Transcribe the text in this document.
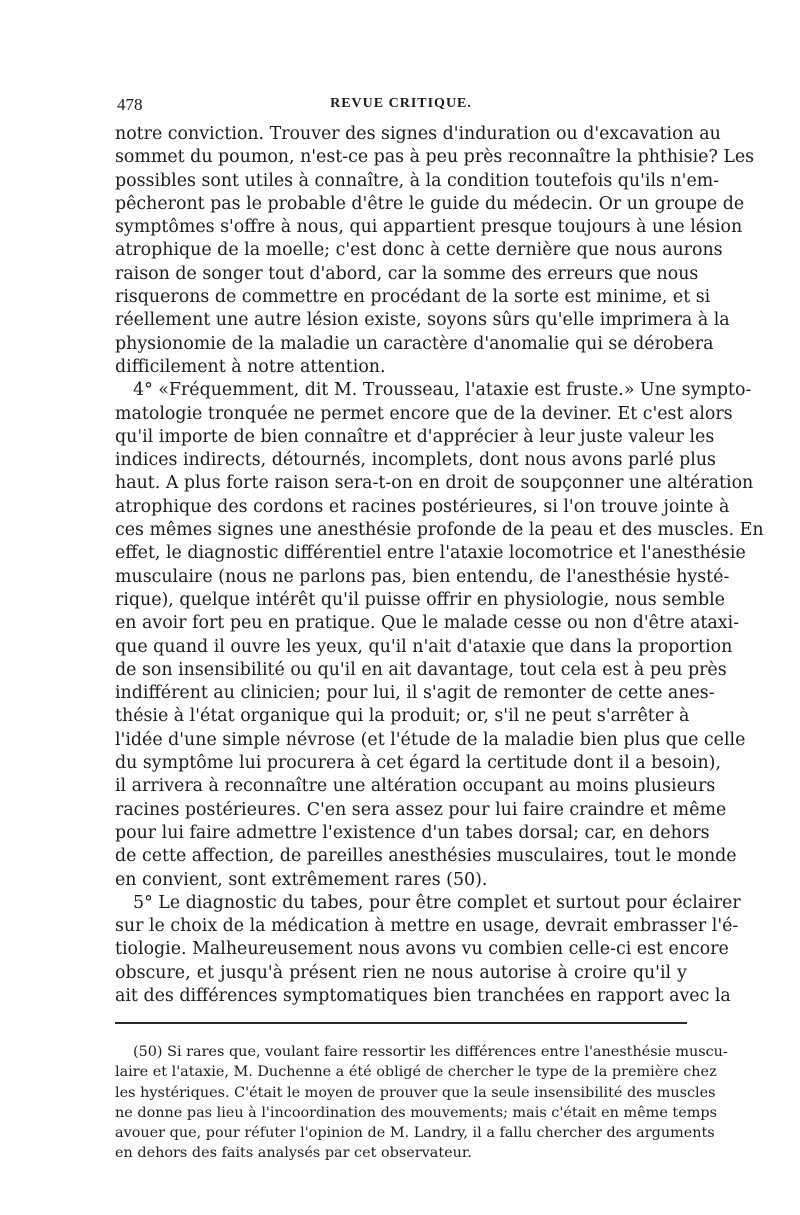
478	REVUE CRITIQUE.
notre conviction. Trouver des signes d'induration ou d'excavation au
sommet du poumon, n'est-ce pas à peu près reconnaître la phthisie? Les
possibles sont utiles à connaître, à la condition toutefois qu'ils n'em-
pêcheront pas le probable d'être le guide du médecin. Or un groupe de
symptômes s'offre à nous, qui appartient presque toujours à une lésion
atrophique de la moelle; c'est donc à cette dernière que nous aurons
raison de songer tout d'abord, car la somme des erreurs que nous
risquerons de commettre en procédant de la sorte est minime, et si
réellement une autre lésion existe, soyons sûrs qu'elle imprimera à la
physionomie de la maladie un caractère d'anomalie qui se dérobera
difficilement à notre attention.
4° «Fréquemment, dit M. Trousseau, l'ataxie est fruste.» Une sympto-
matologie tronquée ne permet encore que de la deviner. Et c'est alors
qu'il importe de bien connaître et d'apprécier à leur juste valeur les
indices indirects, détournés, incomplets, dont nous avons parlé plus
haut. A plus forte raison sera-t-on en droit de soupçonner une altération
atrophique des cordons et racines postérieures, si l'on trouve jointe à
ces mêmes signes une anesthésie profonde de la peau et des muscles. En
effet, le diagnostic différentiel entre l'ataxie locomotrice et l'anesthésie
musculaire (nous ne parlons pas, bien entendu, de l'anesthésie hysté-
rique), quelque intérêt qu'il puisse offrir en physiologie, nous semble
en avoir fort peu en pratique. Que le malade cesse ou non d'être ataxi-
que quand il ouvre les yeux, qu'il n'ait d'ataxie que dans la proportion
de son insensibilité ou qu'il en ait davantage, tout cela est à peu près
indifférent au clinicien; pour lui, il s'agit de remonter de cette anes-
thésie à l'état organique qui la produit; or, s'il ne peut s'arrêter à
l'idée d'une simple névrose (et l'étude de la maladie bien plus que celle
du symptôme lui procurera à cet égard la certitude dont il a besoin),
il arrivera à reconnaître une altération occupant au moins plusieurs
racines postérieures. C'en sera assez pour lui faire craindre et même
pour lui faire admettre l'existence d'un tabes dorsal; car, en dehors
de cette affection, de pareilles anesthésies musculaires, tout le monde
en convient, sont extrêmement rares (50).
5° Le diagnostic du tabes, pour être complet et surtout pour éclairer
sur le choix de la médication à mettre en usage, devrait embrasser l'é-
tiologie. Malheureusement nous avons vu combien celle-ci est encore
obscure, et jusqu'à présent rien ne nous autorise à croire qu'il y
ait des différences symptomatiques bien tranchées en rapport avec la
(50) Si rares que, voulant faire ressortir les différences entre l'anesthésie muscu-
laire et l'ataxie, M. Duchenne a été obligé de chercher le type de la première chez
les hystériques. C'était le moyen de prouver que la seule insensibilité des muscles
ne donne pas lieu à l'incoordination des mouvements; mais c'était en même temps
avouer que, pour réfuter l'opinion de M. Landry, il a fallu chercher des arguments
en dehors des faits analysés par cet observateur.
